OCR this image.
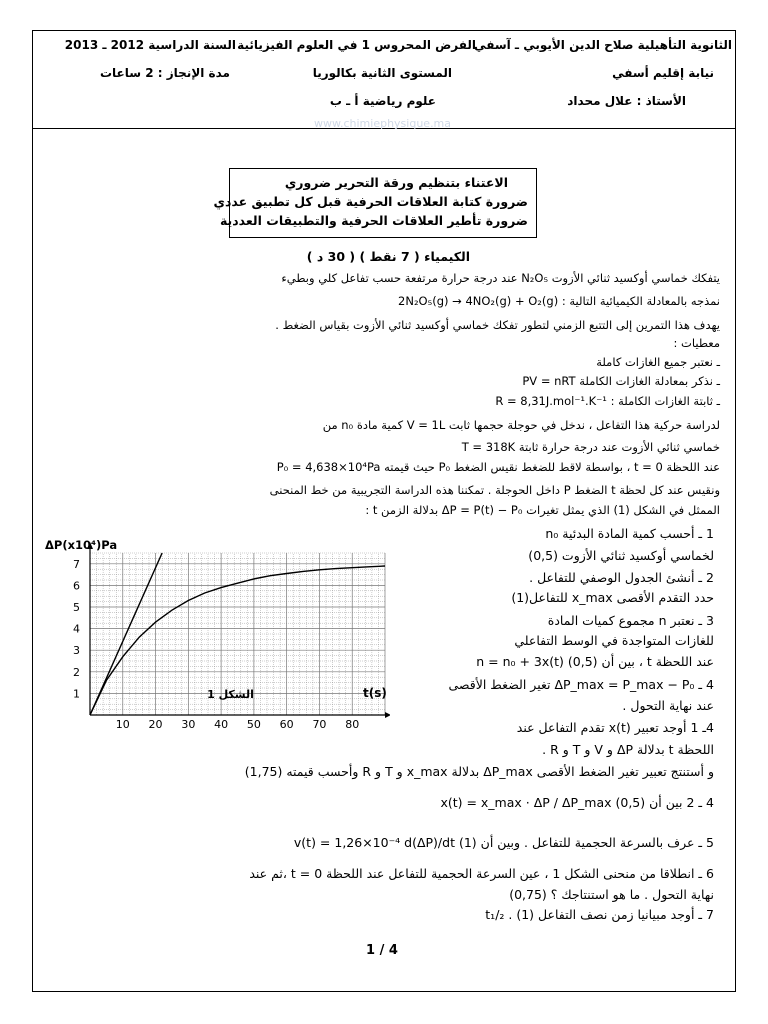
الثانوية التأهيلية صلاح الدين الأيوبي ـ آسفي
الفرض المحروس 1 في العلوم الفيزيائية
السنة الدراسية 2012 ـ 2013
نيابة إقليم أسفي
المستوى الثانية بكالوريا
مدة الإنجاز : 2 ساعات
الأستاذ : علال محداد
علوم رياضية أ ـ ب
www.chimiephysique.ma
الاعتناء بتنظيم ورقة التحرير ضروري
ضرورة كتابة العلاقات الحرفية قبل كل تطبيق عددي
ضرورة تأطير العلاقات الحرفية والتطبيقات العددية
الكيمياء ( 7 نقط ) ( 30 د )
يتفكك خماسي أوكسيد ثنائي الأزوت N₂O₅ عند درجة حرارة مرتفعة حسب تفاعل كلي وبطيء
نمذجه بالمعادلة الكيميائية التالية : 2N₂O₅(g) → 4NO₂(g) + O₂(g)
يهدف هذا التمرين إلى التتبع الزمني لتطور تفكك خماسي أوكسيد ثنائي الأزوت بقياس الضغط .
معطيات :
ـ نعتبر جميع الغازات كاملة
ـ نذكر بمعادلة الغازات الكاملة PV = nRT
ـ ثابتة الغازات الكاملة : R = 8,31J.mol⁻¹.K⁻¹
لدراسة حركية هذا التفاعل ، ندخل في حوجلة حجمها ثابت V = 1L كمية مادة n₀ من
خماسي ثنائي الأزوت عند درجة حرارة ثابتة T = 318K
عند اللحظة t = 0 ، بواسطة لاقط للضغط نقيس الضغط P₀ حيث قيمته P₀ = 4,638×10⁴Pa
ونقيس عند كل لحظة t الضغط P داخل الحوجلة . تمكننا هذه الدراسة التجريبية من خط المنحنى
الممثل في الشكل (1) الذي يمثل تغيرات ΔP = P(t) − P₀ بدلالة الزمن t :
1 ـ أحسب كمية المادة البدئية n₀
لخماسي أوكسيد ثنائي الأزوت (0,5)
2 ـ أنشئ الجدول الوصفي للتفاعل .
حدد التقدم الأقصى x_max للتفاعل(1)
3 ـ نعتبر n مجموع كميات المادة
للغازات المتواجدة في الوسط التفاعلي
عند اللحظة t ، بين أن n = n₀ + 3x(t) (0,5)
4 ـ ΔP_max = P_max − P₀ تغير الضغط الأقصى
عند نهاية التحول .
4ـ 1 أوجد تعبير x(t) تقدم التفاعل عند
اللحظة t بدلالة ΔP و V و T و R .
و أستنتج تعبير تغير الضغط الأقصى ΔP_max بدلالة x_max و T و R وأحسب قيمته (1,75)
4 ـ 2 بين أن x(t) = x_max · ΔP / ΔP_max (0,5)
5 ـ عرف بالسرعة الحجمية للتفاعل . وبين أن v(t) = 1,26×10⁻⁴ d(ΔP)/dt (1)
6 ـ انطلاقا من منحنى الشكل 1 ، عين السرعة الحجمية للتفاعل عند اللحظة t = 0 ،ثم عند
نهاية التحول . ما هو استنتاجك ؟ (0,75)
7 ـ أوجد مبيانيا زمن نصف التفاعل t₁/₂ . (1)
1 / 4
10 20 30 40 50 60 70 80
1
2
3
4
5
6
7
ΔP(x10⁴)Pa
t(s)
الشكل 1
